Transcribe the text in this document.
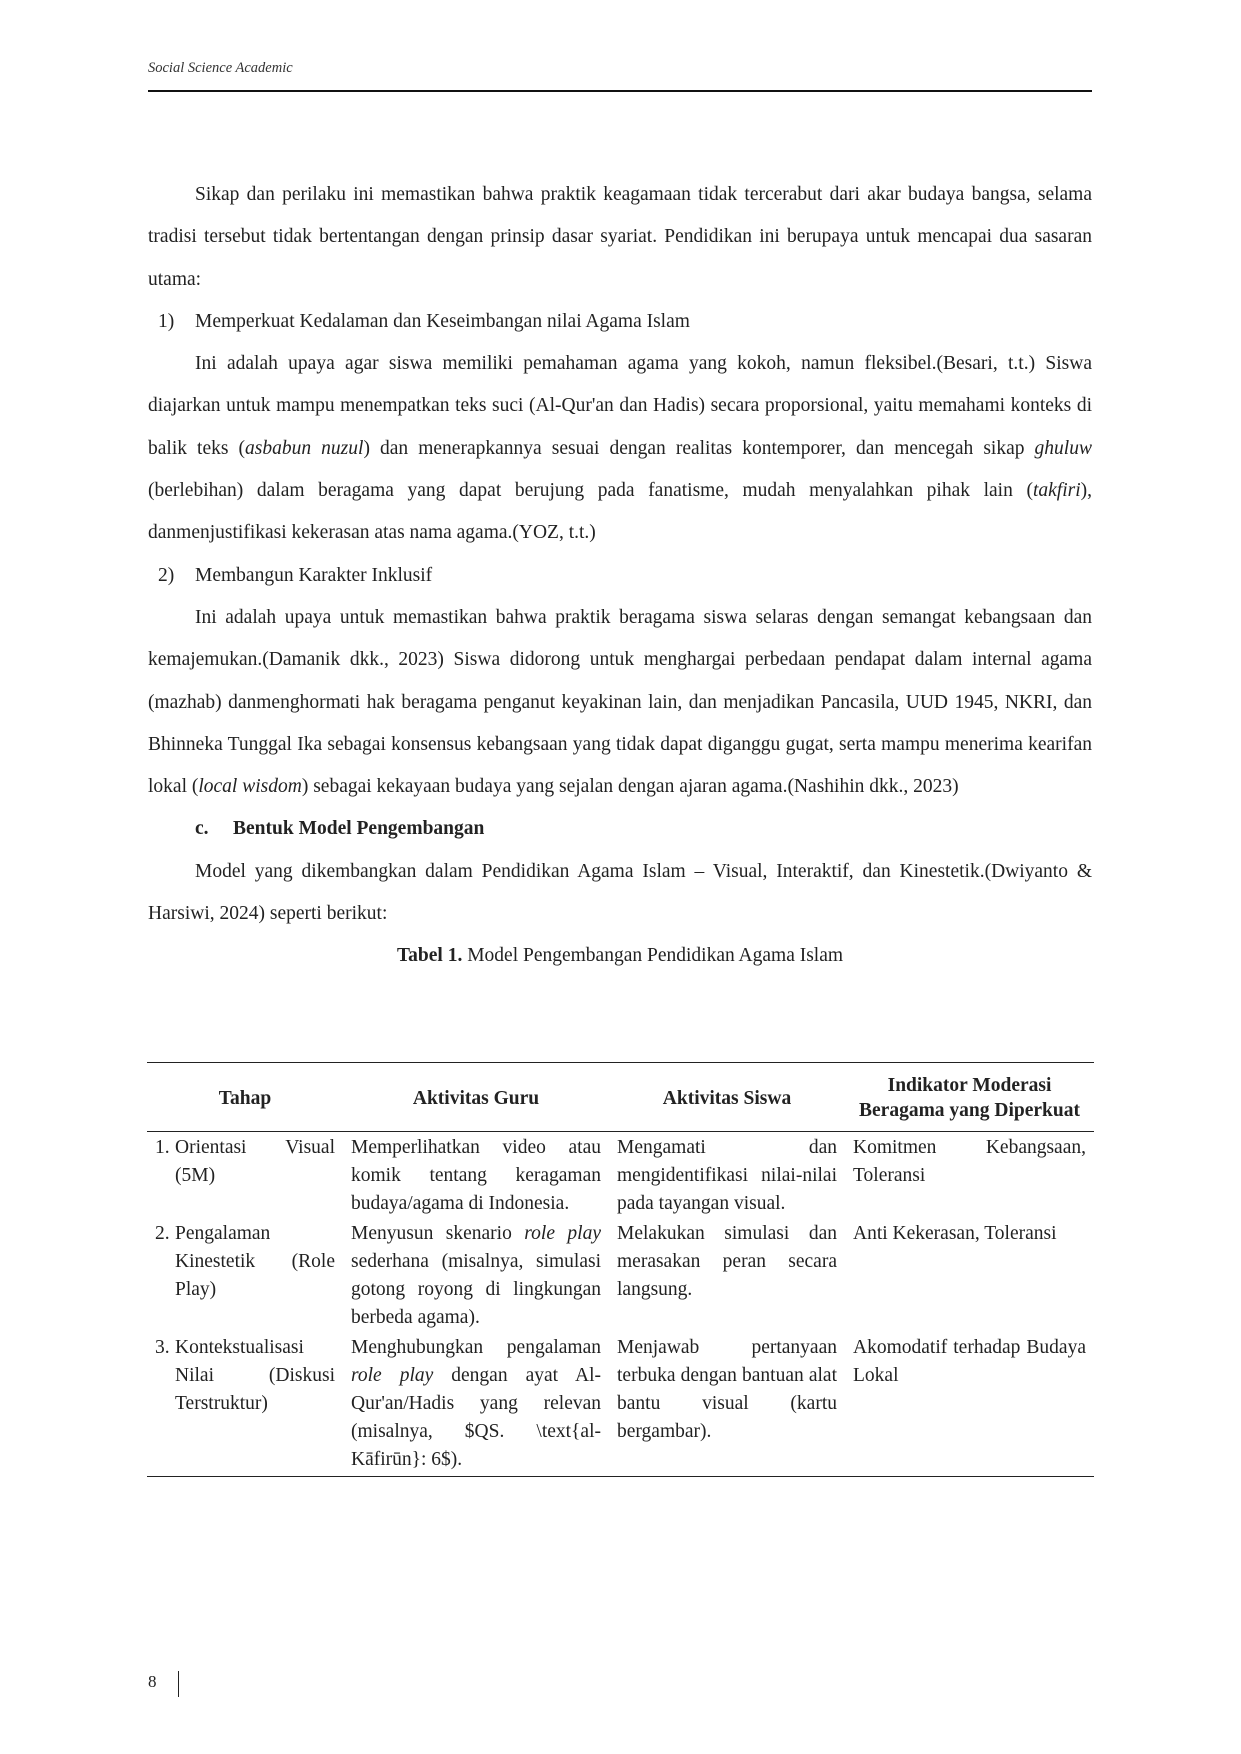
Social Science Academic

Sikap dan perilaku ini memastikan bahwa praktik keagamaan tidak tercerabut dari akar budaya bangsa, selama tradisi tersebut tidak bertentangan dengan prinsip dasar syariat. Pendidikan ini berupaya untuk mencapai dua sasaran utama:

1) Memperkuat Kedalaman dan Keseimbangan nilai Agama Islam

Ini adalah upaya agar siswa memiliki pemahaman agama yang kokoh, namun fleksibel.(Besari, t.t.) Siswa diajarkan untuk mampu menempatkan teks suci (Al-Qur'an dan Hadis) secara proporsional, yaitu memahami konteks di balik teks (asbabun nuzul) dan menerapkannya sesuai dengan realitas kontemporer, dan mencegah sikap ghuluw (berlebihan) dalam beragama yang dapat berujung pada fanatisme, mudah menyalahkan pihak lain (takfiri), danmenjustifikasi kekerasan atas nama agama.(YOZ, t.t.)

2) Membangun Karakter Inklusif

Ini adalah upaya untuk memastikan bahwa praktik beragama siswa selaras dengan semangat kebangsaan dan kemajemukan.(Damanik dkk., 2023) Siswa didorong untuk menghargai perbedaan pendapat dalam internal agama (mazhab) danmenghormati hak beragama penganut keyakinan lain, dan menjadikan Pancasila, UUD 1945, NKRI, dan Bhinneka Tunggal Ika sebagai konsensus kebangsaan yang tidak dapat diganggu gugat, serta mampu menerima kearifan lokal (local wisdom) sebagai kekayaan budaya yang sejalan dengan ajaran agama.(Nashihin dkk., 2023)

c. Bentuk Model Pengembangan

Model yang dikembangkan dalam Pendidikan Agama Islam – Visual, Interaktif, dan Kinestetik.(Dwiyanto & Harsiwi, 2024) seperti berikut:

Tabel 1. Model Pengembangan Pendidikan Agama Islam

Tahap	Aktivitas Guru	Aktivitas Siswa	Indikator Moderasi Beragama yang Diperkuat

1. Orientasi Visual (5M)	Memperlihatkan video atau komik tentang keragaman budaya/agama di Indonesia.	Mengamati dan mengidentifikasi nilai-nilai pada tayangan visual.	Komitmen Kebangsaan, Toleransi

2. Pengalaman Kinestetik (Role Play)	Menyusun skenario role play sederhana (misalnya, simulasi gotong royong di lingkungan berbeda agama).	Melakukan simulasi dan merasakan peran secara langsung.	Anti Kekerasan, Toleransi

3. Kontekstualisasi Nilai (Diskusi Terstruktur)	Menghubungkan pengalaman role play dengan ayat Al-Qur'an/Hadis yang relevan (misalnya, $QS. \text{al-Kāfirūn}: 6$).	Menjawab pertanyaan terbuka dengan bantuan alat bantu visual (kartu bergambar).	Akomodatif terhadap Budaya Lokal
8
